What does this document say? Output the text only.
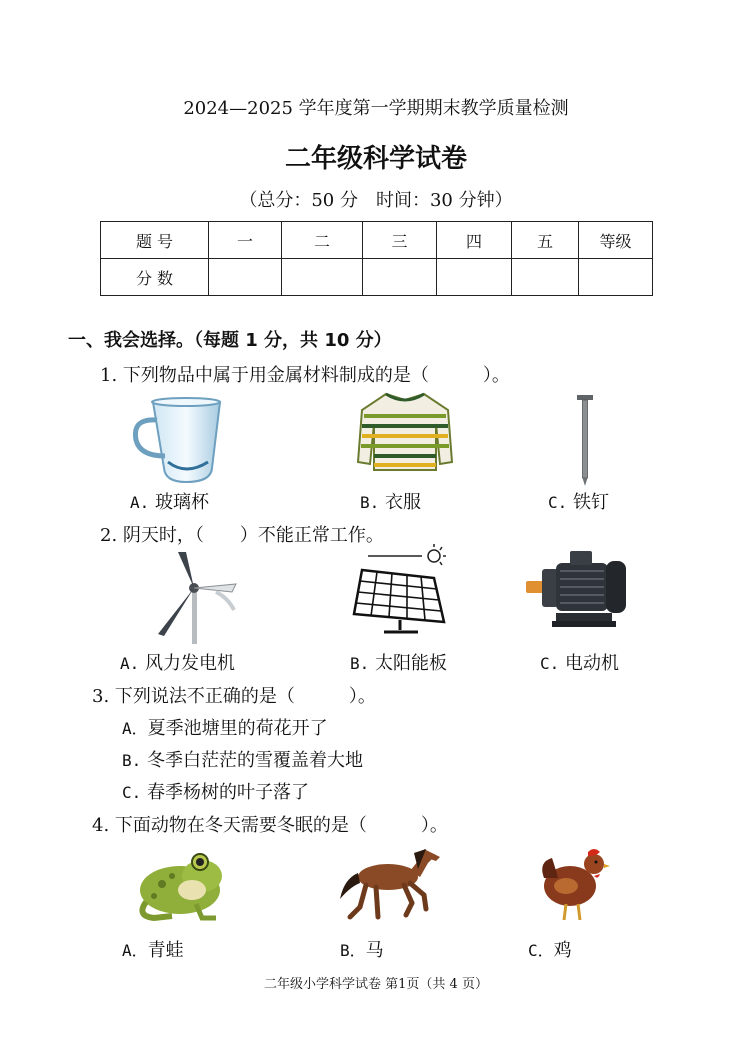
2024—2025 学年度第一学期期末教学质量检测
二年级科学试卷
（总分：50 分　时间：30 分钟）
题 号	一	二	三	四	五	等级
分 数						
一、我会选择。（每题 1 分，共 10 分）
1. 下列物品中属于用金属材料制成的是（　　　）。
A. 玻璃杯	B. 衣服	C. 铁钉
2. 阴天时，（　　）不能正常工作。
A. 风力发电机	B. 太阳能板	C. 电动机
3. 下列说法不正确的是（　　　）。
A．夏季池塘里的荷花开了
B. 冬季白茫茫的雪覆盖着大地
C. 春季杨树的叶子落了
4. 下面动物在冬天需要冬眠的是（　　　）。
A．青蛙	B．马	C．鸡
二年级小学科学试卷 第1页（共 4 页）
